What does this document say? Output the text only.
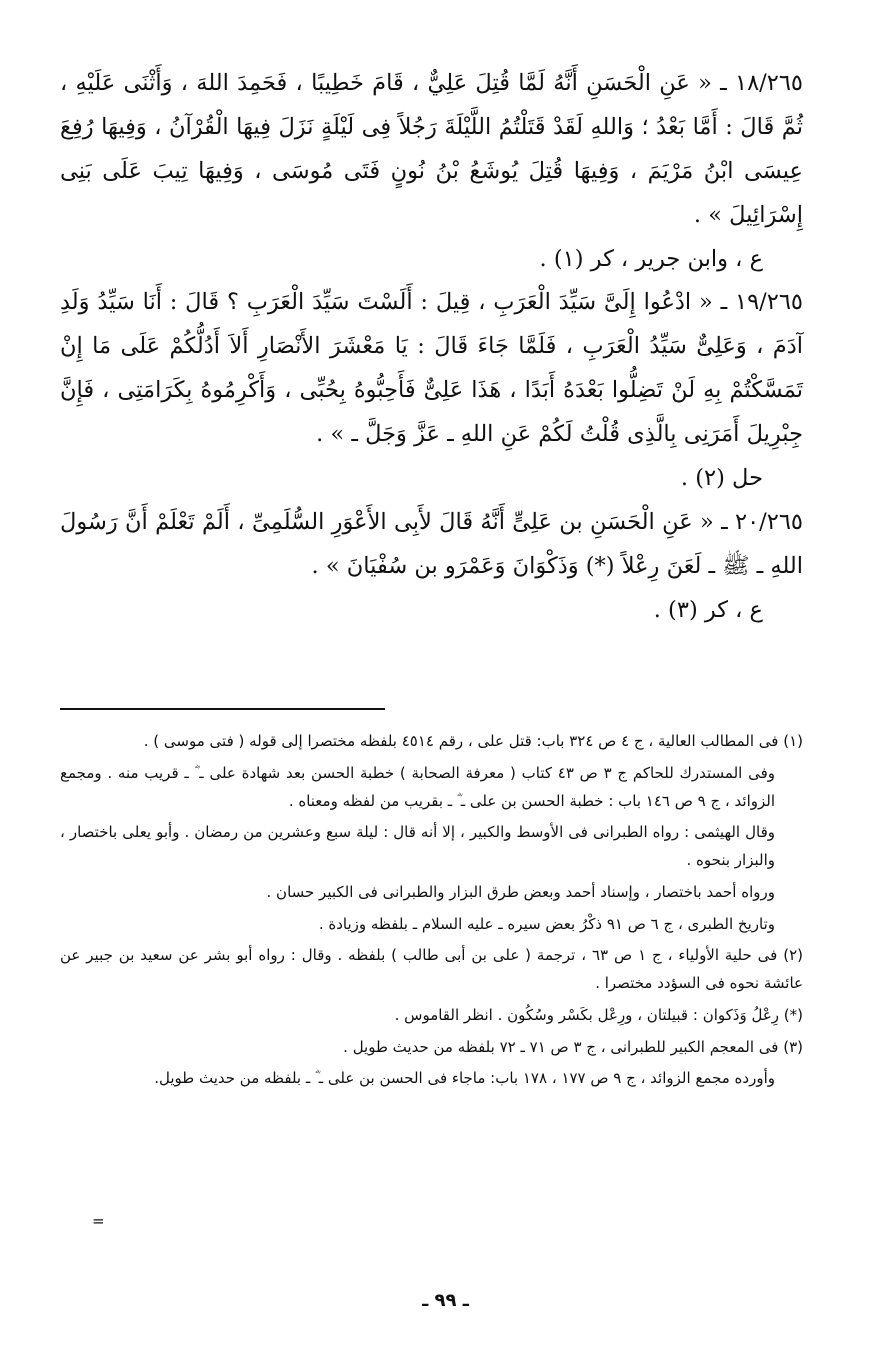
١٨/٢٦٥ ـ « عَنِ الْحَسَنِ أَنَّهُ لَمَّا قُتِلَ عَلِيٌّ ، قَامَ خَطِيبًا ، فَحَمِدَ اللهَ ، وَأَثْنَى عَلَيْهِ ، ثُمَّ قَالَ : أَمَّا بَعْدُ ؛ وَاللهِ لَقَدْ قَتَلْتُمُ اللَّيْلَةَ رَجُلاً فِى لَيْلَةٍ نَزَلَ فِيهَا الْقُرْآنُ ، وَفِيهَا رُفِعَ عِيسَى ابْنُ مَرْيَمَ ، وَفِيهَا قُتِلَ يُوشَعُ بْنُ نُونٍ فَتَى مُوسَى ، وَفِيهَا تِيبَ عَلَى بَنِى إِسْرَائِيلَ » .

ع ، وابن جرير ، كر (١) .

١٩/٢٦٥ ـ « ادْعُوا إِلَىَّ سَيِّدَ الْعَرَبِ ، قِيلَ : أَلَسْتَ سَيِّدَ الْعَرَبِ ؟ قَالَ : أَنَا سَيِّدُ وَلَدِ آدَمَ ، وَعَلِىٌّ سَيِّدُ الْعَرَبِ ، فَلَمَّا جَاءَ قَالَ : يَا مَعْشَرَ الأَنْصَارِ أَلاَ أَدُلُّكُمْ عَلَى مَا إِنْ تَمَسَّكْتُمْ بِهِ لَنْ تَضِلُّوا بَعْدَهُ أَبَدًا ، هَذَا عَلِىٌّ فَأَحِبُّوهُ بِحُبِّى ، وَأَكْرِمُوهُ بِكَرَامَتِى ، فَإِنَّ جِبْرِيلَ أَمَرَنِى بِالَّذِى قُلْتُ لَكُمْ عَنِ اللهِ ـ عَزَّ وَجَلَّ ـ » .

حل (٢) .

٢٠/٢٦٥ ـ « عَنِ الْحَسَنِ بن عَلِىٍّ أَنَّهُ قَالَ لأَبِى الأَعْوَرِ السُّلَمِىِّ ، أَلَمْ تَعْلَمْ أَنَّ رَسُولَ اللهِ ـ ﷺ ـ لَعَنَ رِعْلاً (*) وَذَكْوَانَ وَعَمْرَو بن سُفْيَانَ » .

ع ، كر (٣) .

(١) فى المطالب العالية ، ج ٤ ص ٣٢٤ باب: قتل على ، رقم ٤٥١٤ بلفظه مختصرا إلى قوله ( فتى موسى ) .

وفى المستدرك للحاكم ج ٣ ص ٤٣ كتاب ( معرفة الصحابة ) خطبة الحسن بعد شهادة على ـ ؓ ـ قريب منه . ومجمع الزوائد ، ج ٩ ص ١٤٦ باب : خطبة الحسن بن على ـ ؓ ـ بقريب من لفظه ومعناه .

وقال الهيثمى : رواه الطبرانى فى الأوسط والكبير ، إلا أنه قال : ليلة سبع وعشرين من رمضان . وأبو يعلى باختصار ، والبزار بنحوه .

ورواه أحمد باختصار ، وإسناد أحمد وبعض طرق البزار والطبرانى فى الكبير حسان .

وتاريخ الطبرى ، ج ٦ ص ٩١ ذكْرُ بعض سيره ـ عليه السلام ـ بلفظه وزيادة .

(٢) فى حلية الأولياء ، ج ١ ص ٦٣ ، ترجمة ( على بن أبى طالب ) بلفظه . وقال : رواه أبو بشر عن سعيد بن جبير عن عائشة نحوه فى السؤدد مختصرا .

(*) رِعْلُ وَذَكوان : قبيلتان ، ورِعْل بكَسْر وسُكُون . انظر القاموس .

(٣) فى المعجم الكبير للطبرانى ، ج ٣ ص ٧١ ـ ٧٢ بلفظه من حديث طويل .

وأورده مجمع الزوائد ، ج ٩ ص ١٧٧ ، ١٧٨ باب: ماجاء فى الحسن بن على ـ ؓ ـ بلفظه من حديث طويل.

=
ـ ٩٩ ـ
